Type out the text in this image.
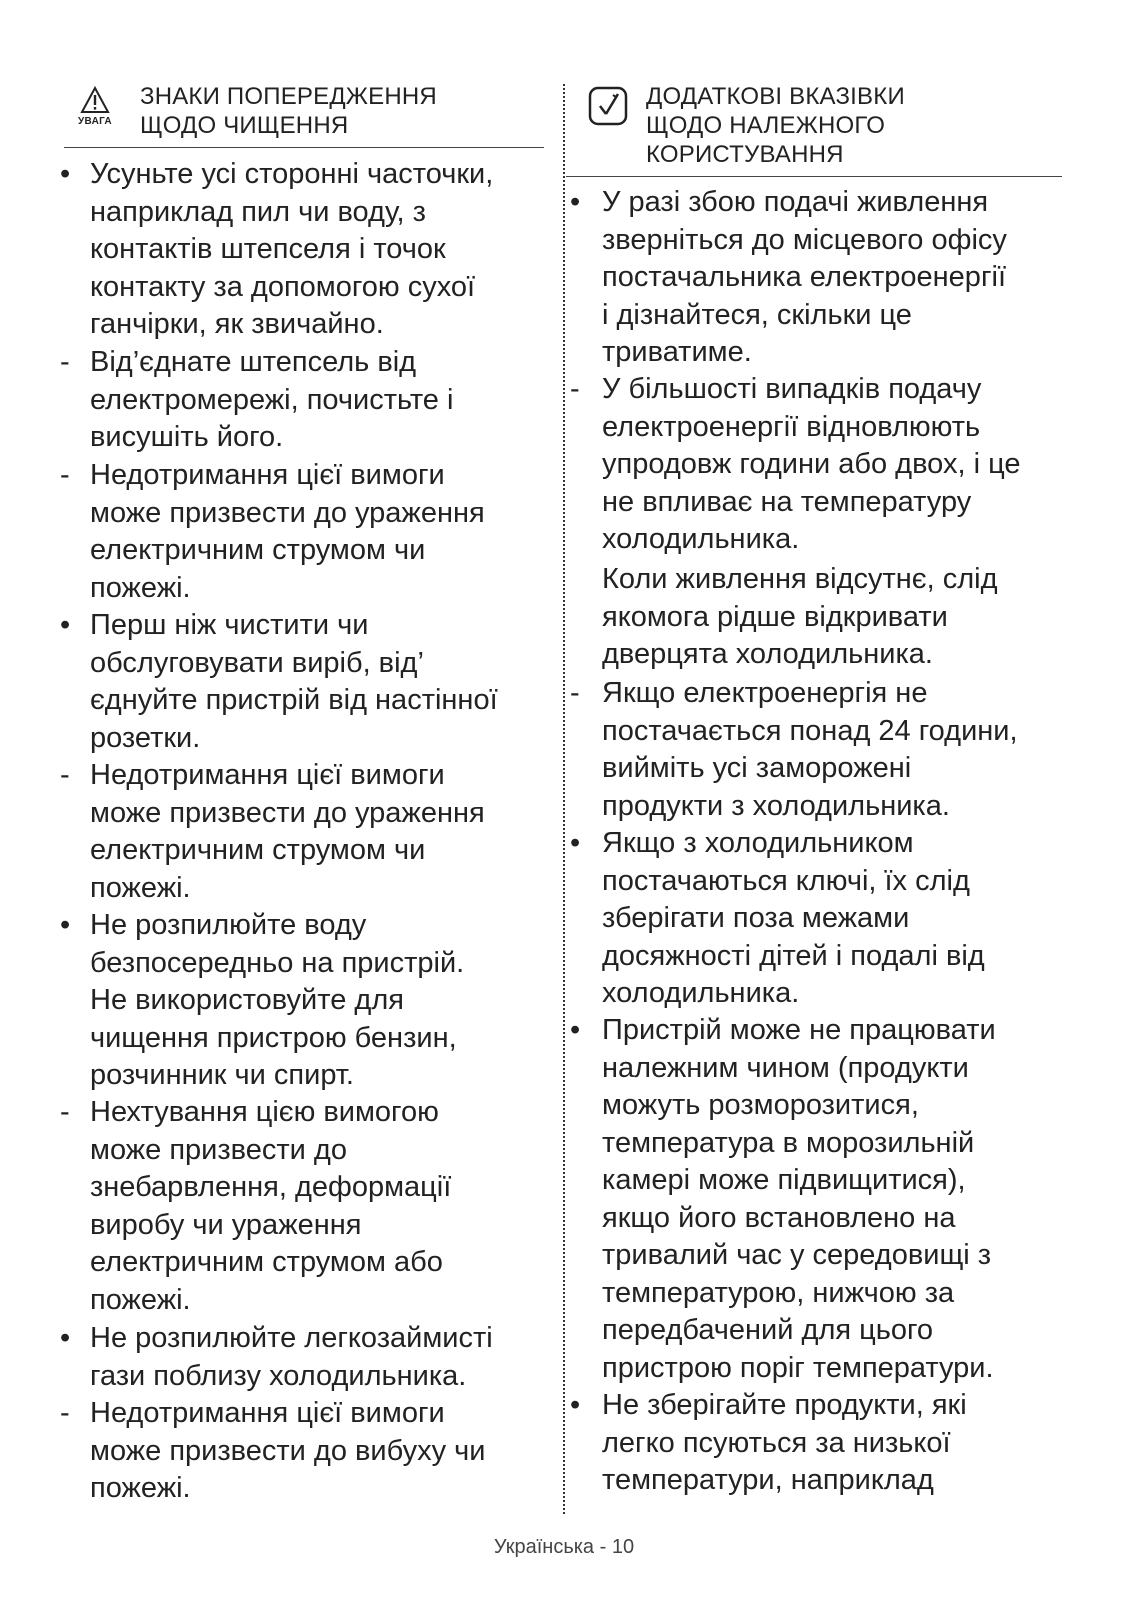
УВАГА
ЗНАКИ ПОПЕРЕДЖЕННЯ
ЩОДО ЧИЩЕННЯ
ДОДАТКОВІ ВКАЗІВКИ
ЩОДО НАЛЕЖНОГО
КОРИСТУВАННЯ
• Усуньте усі сторонні часточки,
наприклад пил чи воду, з
контактів штепселя і точок
контакту за допомогою сухої
ганчірки, як звичайно.
- Від’єднате штепсель від
електромережі, почистьте і
висушіть його.
- Недотримання цієї вимоги
може призвести до ураження
електричним струмом чи
пожежі.
• Перш ніж чистити чи
обслуговувати виріб, від’
єднуйте пристрій від настінної
розетки.
- Недотримання цієї вимоги
може призвести до ураження
електричним струмом чи
пожежі.
• Не розпилюйте воду
безпосередньо на пристрій.
Не використовуйте для
чищення пристрою бензин,
розчинник чи спирт.
- Нехтування цією вимогою
може призвести до
знебарвлення, деформації
виробу чи ураження
електричним струмом або
пожежі.
• Не розпилюйте легкозаймисті
гази поблизу холодильника.
- Недотримання цієї вимоги
може призвести до вибуху чи
пожежі.
• У разі збою подачі живлення
зверніться до місцевого офісу
постачальника електроенергії
і дізнайтеся, скільки це
триватиме.
- У більшості випадків подачу
електроенергії відновлюють
упродовж години або двох, і це
не впливає на температуру
холодильника.
Коли живлення відсутнє, слід
якомога рідше відкривати
дверцята холодильника.
- Якщо електроенергія не
постачається понад 24 години,
вийміть усі заморожені
продукти з холодильника.
• Якщо з холодильником
постачаються ключі, їх слід
зберігати поза межами
досяжності дітей і подалі від
холодильника.
• Пристрій може не працювати
належним чином (продукти
можуть розморозитися,
температура в морозильній
камері може підвищитися),
якщо його встановлено на
тривалий час у середовищі з
температурою, нижчою за
передбачений для цього
пристрою поріг температури.
• Не зберігайте продукти, які
легко псуються за низької
температури, наприклад
Українська - 10
